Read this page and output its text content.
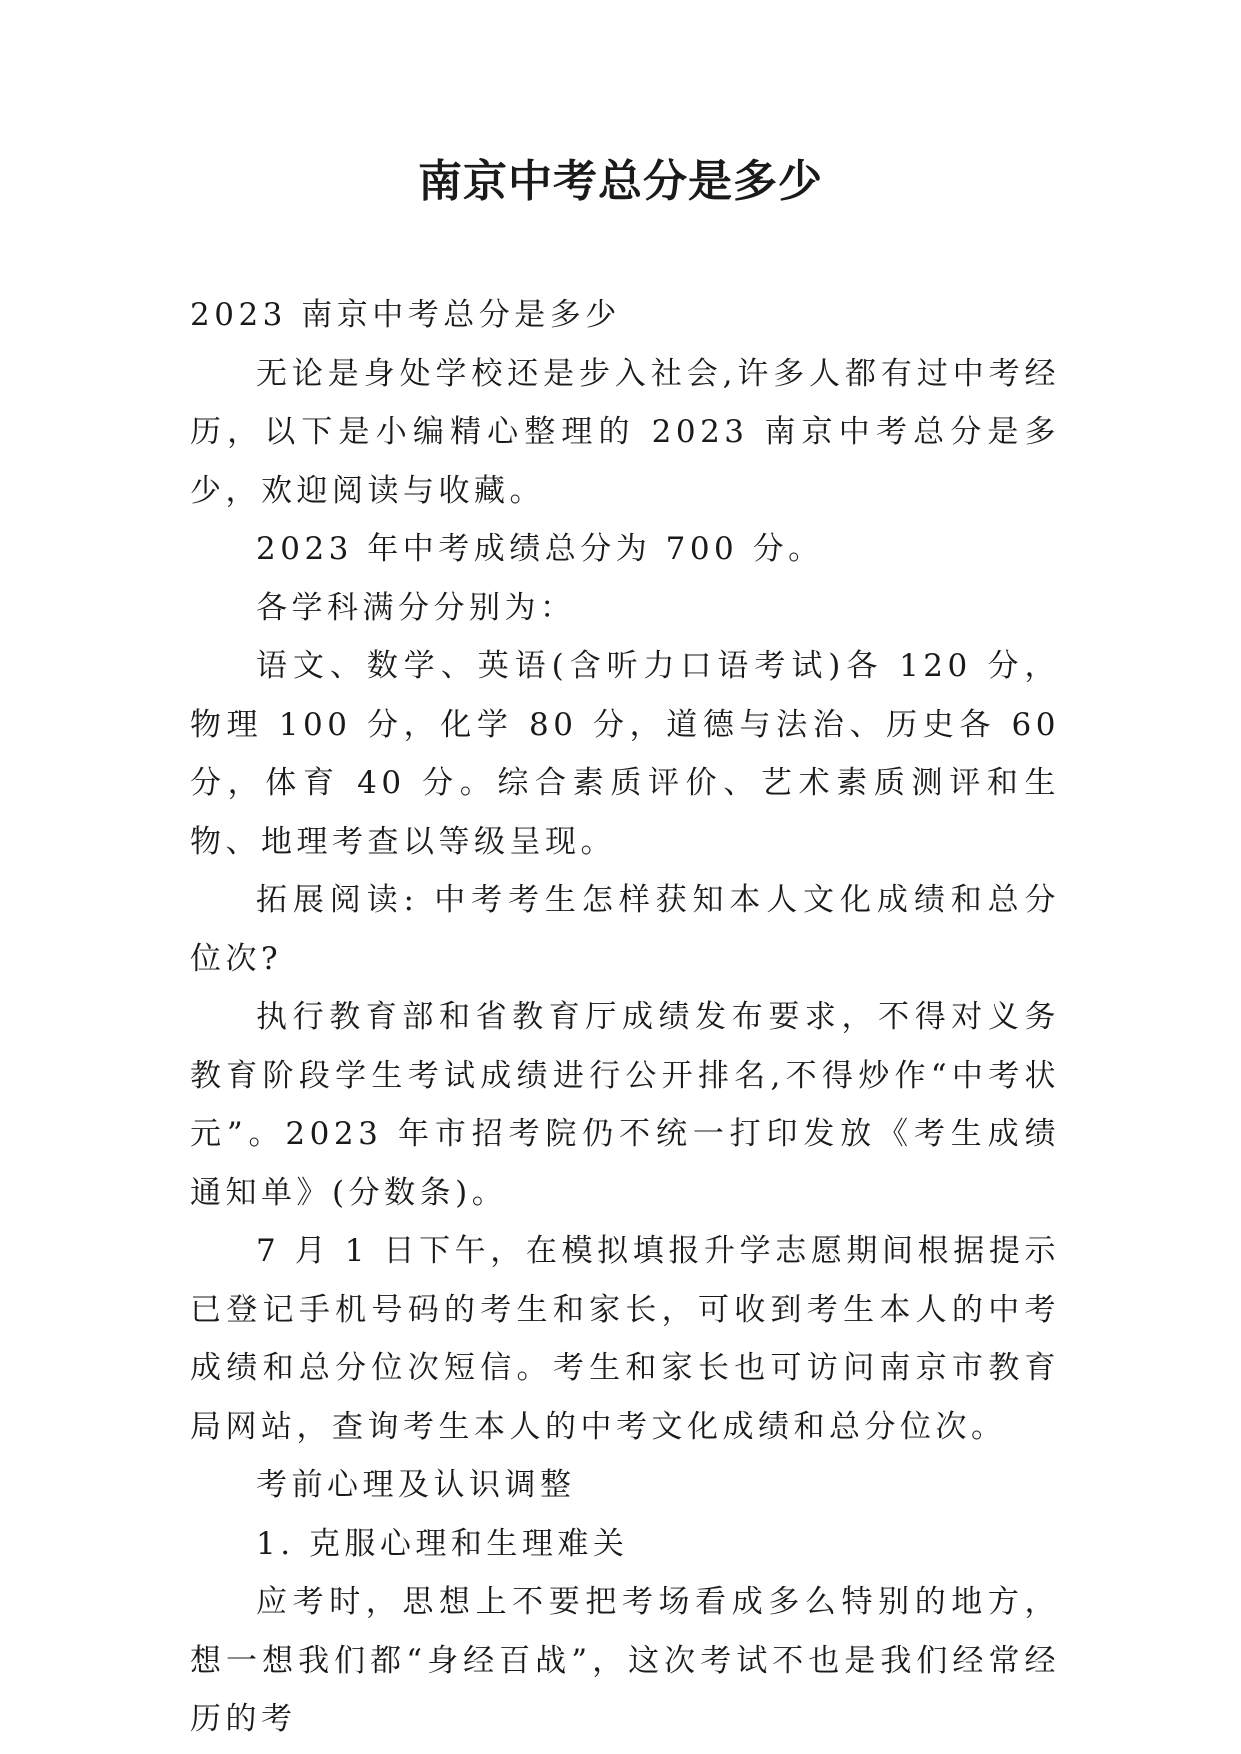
南京中考总分是多少

2023 南京中考总分是多少

无论是身处学校还是步入社会,许多人都有过中考经历，以下是小编精心整理的 2023 南京中考总分是多少，欢迎阅读与收藏。

2023 年中考成绩总分为 700 分。

各学科满分分别为：

语文、数学、英语(含听力口语考试)各 120 分，物理 100 分，化学 80 分，道德与法治、历史各 60 分，体育 40 分。综合素质评价、艺术素质测评和生物、地理考查以等级呈现。

拓展阅读: 中考考生怎样获知本人文化成绩和总分位次?

执行教育部和省教育厅成绩发布要求，不得对义务教育阶段学生考试成绩进行公开排名,不得炒作“中考状元”。2023 年市招考院仍不统一打印发放《考生成绩通知单》(分数条)。

7 月 1 日下午，在模拟填报升学志愿期间根据提示已登记手机号码的考生和家长，可收到考生本人的中考成绩和总分位次短信。考生和家长也可访问南京市教育局网站，查询考生本人的中考文化成绩和总分位次。

考前心理及认识调整

1. 克服心理和生理难关

应考时，思想上不要把考场看成多么特别的地方，想一想我们都“身经百战”，这次考试不也是我们经常经历的考
